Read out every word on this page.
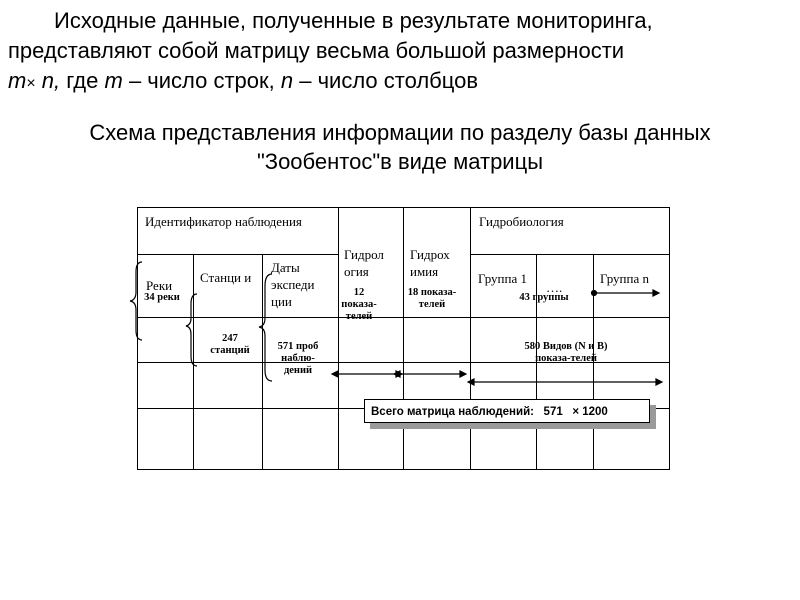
Исходные данные, полученные в результате мониторинга,
представляют собой матрицу весьма большой размерности
m× n, где m – число строк, n – число столбцов
Схема представления информации по разделу базы данных
"Зообентос"в виде матрицы
Идентификатор наблюдения
Гидрол огия
Гидрох имия
Гидробиология
Реки
Станци и
Даты экспеди ции
Группа 1
….
Группа n
34 реки
247 станций	571 проб наблю-дений
12 показа-телей
18 показа-телей
43 группы
580 Видов (N и B) показа-телей
Всего матрица наблюдений:   571   × 1200
